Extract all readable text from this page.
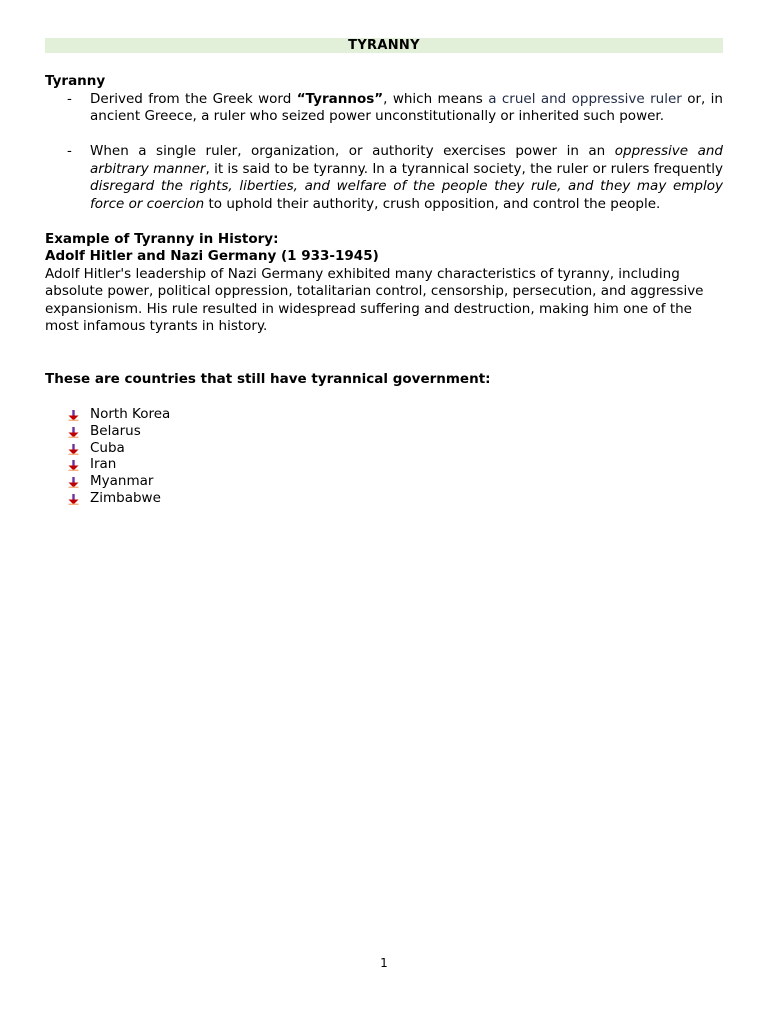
TYRANNY
Tyranny
- Derived from the Greek word “Tyrannos”, which means a cruel and oppressive ruler or, in ancient Greece, a ruler who seized power unconstitutionally or inherited such power.
- When a single ruler, organization, or authority exercises power in an oppressive and arbitrary manner, it is said to be tyranny. In a tyrannical society, the ruler or rulers frequently disregard the rights, liberties, and welfare of the people they rule, and they may employ force or coercion to uphold their authority, crush opposition, and control the people.
Example of Tyranny in History:
Adolf Hitler and Nazi Germany (1 933-1945)
Adolf Hitler's leadership of Nazi Germany exhibited many characteristics of tyranny, including absolute power, political oppression, totalitarian control, censorship, persecution, and aggressive expansionism. His rule resulted in widespread suffering and destruction, making him one of the most infamous tyrants in history.
These are countries that still have tyrannical government:
North Korea
Belarus
Cuba
Iran
Myanmar
Zimbabwe
1
